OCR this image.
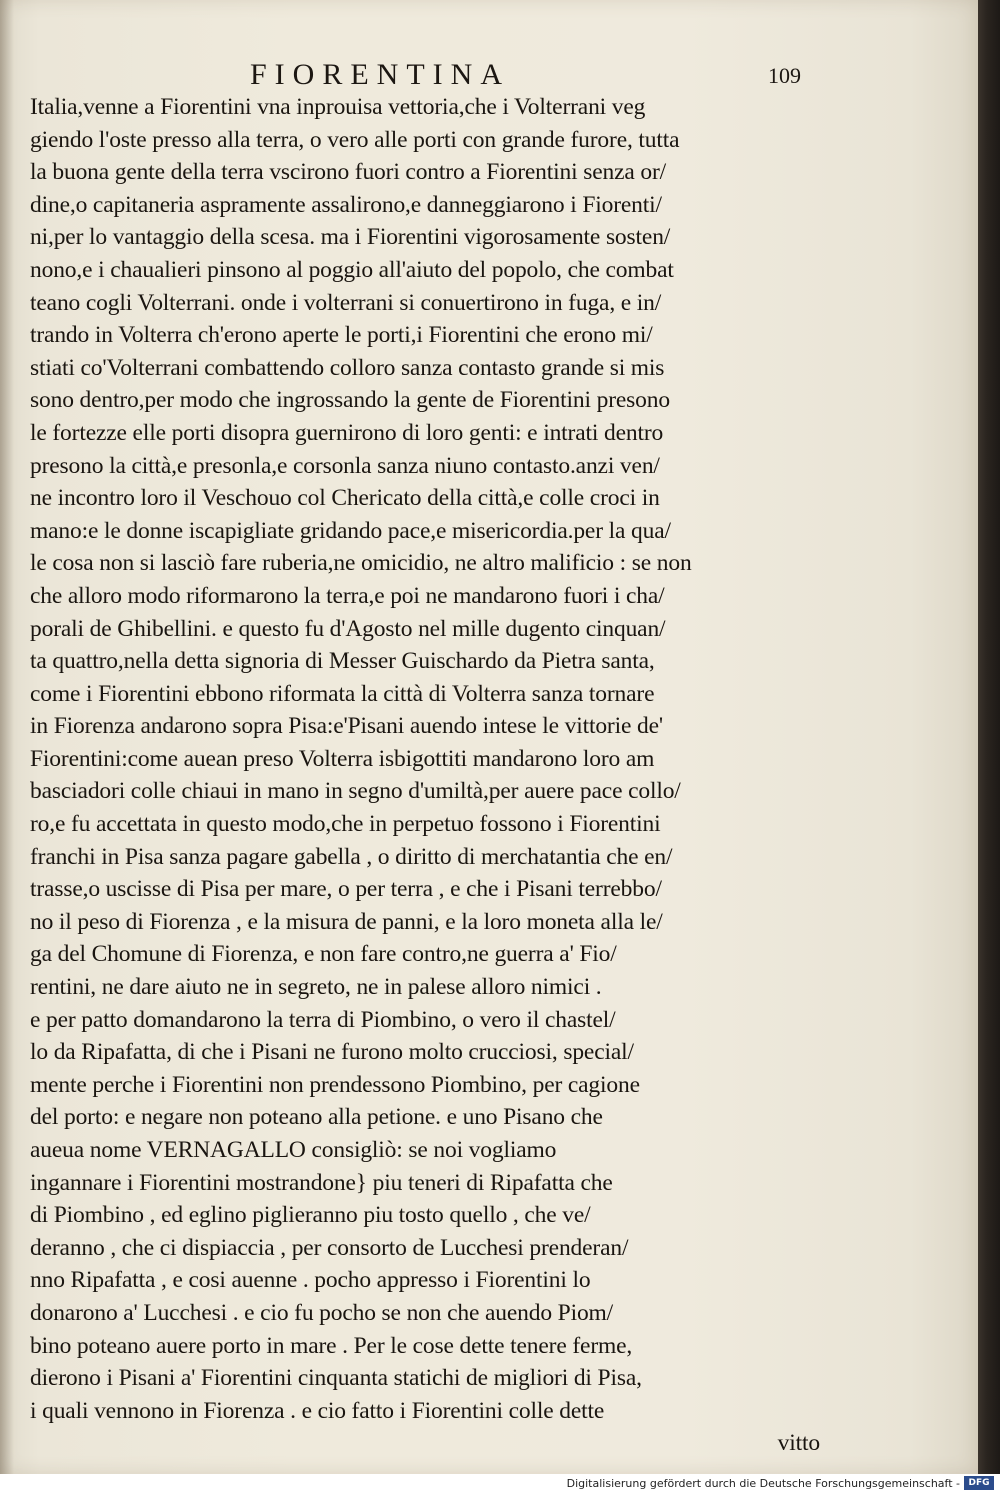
FIORENTINA	109
Italia,venne a Fiorentini vna inprouisa vettoria,che i Volterrani veg
giendo l'oste presso alla terra, o vero alle porti con grande furore, tutta
la buona gente della terra vscirono fuori contro a Fiorentini senza or/
dine,o capitaneria aspramente assalirono,e danneggiarono i Fiorenti/
ni,per lo vantaggio della scesa. ma i Fiorentini vigorosamente sosten/
nono,e i chaualieri pinsono al poggio all'aiuto del popolo, che combat
teano cogli Volterrani. onde i volterrani si conuertirono in fuga, e in/
trando in Volterra ch'erono aperte le porti,i Fiorentini che erono mi/
stiati co'Volterrani combattendo colloro sanza contasto grande si mis
sono dentro,per modo che ingrossando la gente de Fiorentini presono
le fortezze elle porti disopra guernirono di loro genti: e intrati dentro
presono la città,e presonla,e corsonla sanza niuno contasto.anzi ven/
ne incontro loro il Veschouo col Chericato della città,e colle croci in
mano:e le donne iscapigliate gridando pace,e misericordia.per la qua/
le cosa non si lasciò fare ruberia,ne omicidio, ne altro malificio : se non
che alloro modo riformarono la terra,e poi ne mandarono fuori i cha/
porali de Ghibellini. e questo fu d'Agosto nel mille dugento cinquan/
ta quattro,nella detta signoria di Messer Guischardo da Pietra santa,
come i Fiorentini ebbono riformata la città di Volterra sanza tornare
in Fiorenza andarono sopra Pisa:e'Pisani auendo intese le vittorie de'
Fiorentini:come auean preso Volterra isbigottiti mandarono loro am
basciadori colle chiaui in mano in segno d'umiltà,per auere pace collo/
ro,e fu accettata in questo modo,che in perpetuo fossono i Fiorentini
franchi in Pisa sanza pagare gabella , o diritto di merchatantia che en/
trasse,o uscisse di Pisa per mare, o per terra , e che i Pisani terrebbo/
no il peso di Fiorenza , e la misura de panni, e la loro moneta alla le/
ga del Chomune di Fiorenza, e non fare contro,ne guerra a' Fio/
rentini, ne dare aiuto ne in segreto, ne in palese alloro nimici .
e per patto domandarono la terra di Piombino, o vero il chastel/
lo da Ripafatta, di che i Pisani ne furono molto crucciosi, special/
mente perche i Fiorentini non prendessono Piombino, per cagione
del porto: e negare non poteano alla petione. e uno Pisano che
aueua nome VERNAGALLO consigliò: se noi vogliamo
ingannare i Fiorentini mostrandone} piu teneri di Ripafatta che
di Piombino , ed eglino piglieranno piu tosto quello , che ve/
deranno , che ci dispiaccia , per consorto de Lucchesi prenderan/
nno Ripafatta , e cosi auenne . pocho appresso i Fiorentini lo
donarono a' Lucchesi . e cio fu pocho se non che auendo Piom/
bino poteano auere porto in mare . Per le cose dette tenere ferme,
dierono i Pisani a' Fiorentini cinquanta statichi de migliori di Pisa,
i quali vennono in Fiorenza . e cio fatto i Fiorentini colle dette
vitto
Digitalisierung gefördert durch die Deutsche Forschungsgemeinschaft - DFG
